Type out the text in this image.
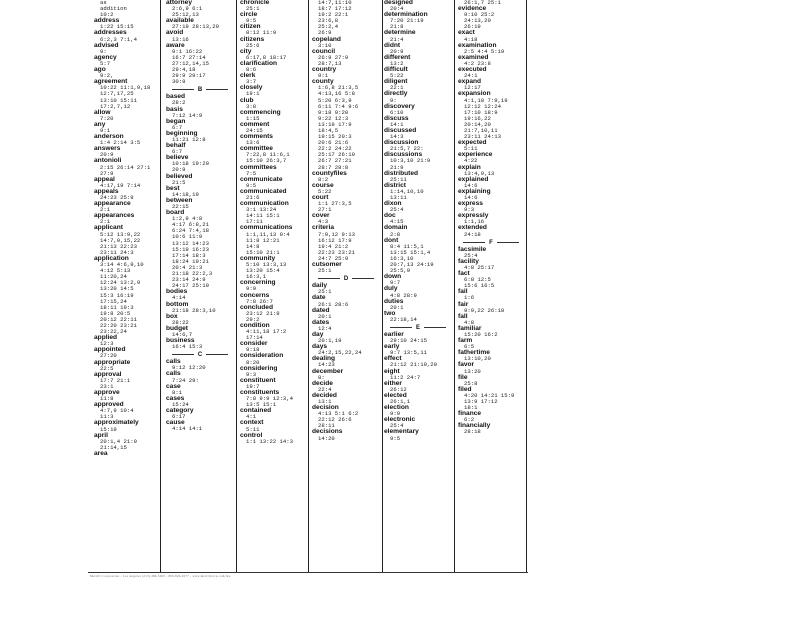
as
addition
10:2
address
1:22 15:15
addresses
6:2,3 7:1,4
advised
9:
agency
5:7
ago
9:2,
agreement
10:22 11:1,9,18
12:7,17,25
13:10 15:11
17:2,7,12
allow
7:20
any
9:1
anderson
1:4 2:14 3:5
answers
20:9
antonioli
2:15 26:14 27:1
27:9
appeal
4:17,19 7:14
appeals
24:23 25:9
appearance
2:1
appearances
2:1
applicant
5:12 13:9,22
14:7,9,15,22
21:13 22:23
23:11 24:3
application
3:14 4:6,9,10
4:12 5:13
11:20,24
12:24 13:2,9
13:20 14:5
15:3 16:19
17:15,24
18:11 19:3
19:8 20:5
20:12 22:11
22:20 23:21
23:22,24
applied
12:3
appointed
27:20
appropriate
22:5
approval
17:7 21:1
23:1
approve
11:8
approved
4:7,9 10:4
11:3
approximately
15:19
april
20:1,4 21:9
21:14,15
area
attorney
2:6,9 6:1
25:12,13
available
27:19 28:13,20
avoid
13:16
aware
9:1 16:22
16:7 27:14
27:12,14,15
29:4,18
29:9 29:17
30:9
B
based
28:2
basis
7:12 14:9
began
6:7
beginning
11:21 12:8
behalf
6:7
believe
10:18 19:20
20:9
believed
21:5
best
14:18,19
between
22:15
board
1:2,9 4:8
4:17 6:8,21
6:24 7:4,18
10:6 11:9
13:12 14:23
15:19 16:23
17:14 18:3
18:24 19:21
20:4 21:3
21:18 22:2,3
23:14 24:9
24:17 25:10
bodies
4:14
bottom
21:18 28:3,10
box
28:22
budget
14:6,7
business
16:4 15:3
C
calls
9:12 12:20
calls
7:24 29:
case
8:1
cases
15:24
category
6:17
cause
4:14 14:1
chronicle
25:1
circle
9:5
citizen
8:12 11:9
citizens
25:6
city
6:17,8 18:17
clarification
8:6
clerk
3:7
closely
19:1
club
3:8
commencing
1:15
comment
24:15
comments
13:6
committee
7:22,8 11:6,1
15:10 26:3,7
committees
7:5
communicate
9:5
communicated
21:6
communication
3:1 13:24
14:11 15:1
17:11
communications
1:1,11,13 9:4
11:8 12:21
14:8
15:10 21:1
community
5:10 13:3,13
13:20 15:4
16:3,1
concerning
9:9
concerns
7:8 26:7
concluded
23:12 21:9
29:2
condition
4:11,18 17:2
17:14
consider
9:18
consideration
8:20
considering
9:3
constituent
19:7
constituents
7:8 9:9 12:3,4
13:5 15:1
contained
4:1
context
5:11
control
1:1 13:22 14:3
14:7,11:10
18:7 17:12
19:2 22:1
23:6,8
25:2,4
26:9
copeland
3:10
council
26:9 27:9
28:7,13
country
9:1
county
1:6,8 21:3,5
4:13,16 5:8
5:20 6:3,9
6:11 7:4 9:6
9:18 9:20
9:22 12:3
13:19 17:9
18:4,5
19:15 20:3
20:6 21:6
22:2 24:22
25:17 26:19
26:7 27:21
28:7 28:8
countyfiles
8:2
course
5:22
court
1:1 27:3,5
27:1
cover
4:3
criteria
7:9,12 9:13
16:12 17:9
19:4 21:2
22:23 23:21
24:7 25:9
cutsomer
25:1
D
daily
25:1
date
26:1 28:6
dated
20:1
dates
12:4
day
20:1,19
days
24:2,15,22,24
dealing
14:23
december
8:
decide
22:4
decided
13:1
decision
4:13 5:1 6:2
22:12 26:6
28:11
decisions
14:20
designed
20:4
determination
7:20 21:19
21:8
determine
21:4
didnt
20:9
different
13:2
difficult
5:22
diligent
22:1
directly
9:
discovery
6:10
discuss
14:1
discussed
14:3
discussion
21:5,7 22:
discussions
10:3,10 21:9
21:9
distributed
25:11
district
1:14,10,10
13:11
dixon
25:4
doc
4:15
domain
2:8
dont
8:4 11:5,1
13:15 15:1,4
16:3,10
20:7,13 24:19
25:5,9
down
9:7
duly
4:8 28:9
duties
20:1
two
22:18,14
E
earlier
29:10 24:15
early
9:7 13:5,11
effect
21:12 21:19,20
eight
11:2 24:7
either
26:12
elected
26:1,1
election
9:9
electronic
25:4
elementary
9:5
26:1,7 25:1
evidence
9:10 25:2
24:13,20
26:19
exact
4:18
examination
2:5 4:4 5:19
examined
4:2 23:8
executed
24:1
expand
12:17
expansion
4:1,10 7:9,19
12:12 12:24
17:10 18:9
19:16,22
20:14,20
21:7,10,11
23:11 24:13
expected
5:11
experience
4:22
explain
13:4,9,13
explained
14:6
explaining
14:6
express
9:3
expressly
1:1,16
extended
24:18
F
facsimile
25:4
facility
4:8 25:17
fact
6:8 12:5
15:6 16:5
fail
1:6
fair
9:9,22 26:18
fall
4:8
familiar
15:20 16:2
farm
6:5
fathertime
13:10,20
favor
13:20
file
25:8
filed
4:20 14:21 15:9
13:9 17:12
18:1
finance
6:2
financially
28:18
Merrill Corporation - Los Angeles (213) 486-5200 - 800-826-0277 - www.merrillcorp.com/law
